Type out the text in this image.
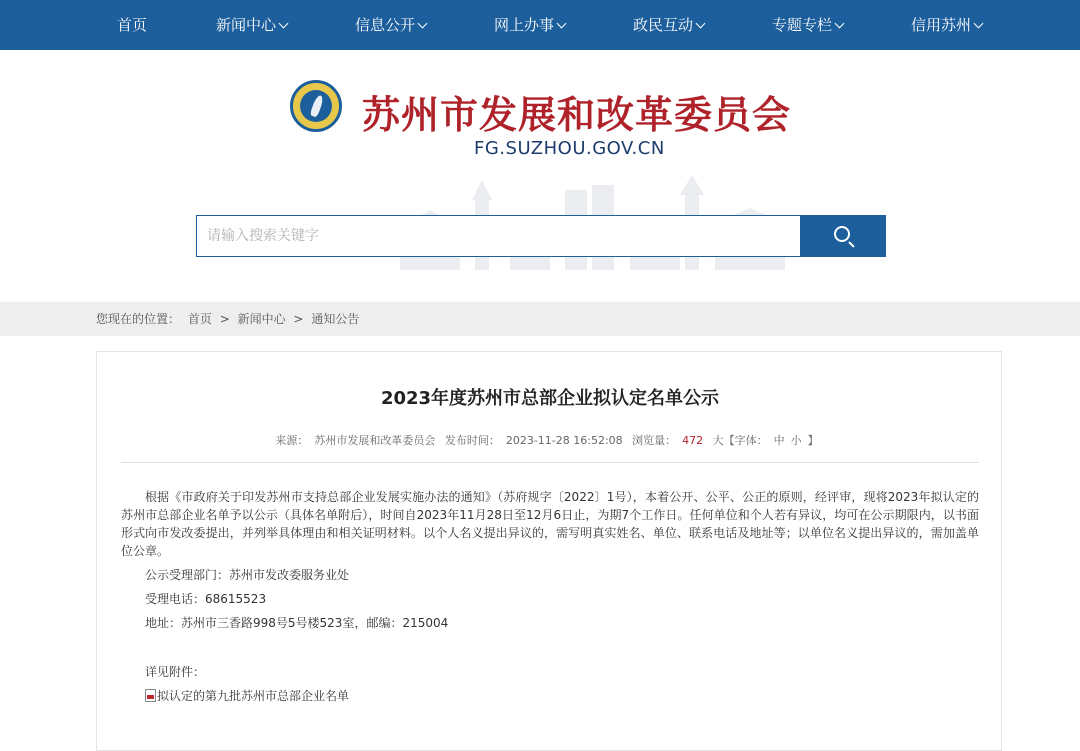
首页	新闻中心	信息公开	网上办事	政民互动	专题专栏	信用苏州
苏州市发展和改革委员会
FG.SUZHOU.GOV.CN
请输入搜索关键字
您现在的位置： 首页 > 新闻中心 > 通知公告
2023年度苏州市总部企业拟认定名单公示
来源： 苏州市发展和改革委员会 发布时间： 2023-11-28 16:52:08 浏览量： 472 大【字体： 中 小 】
根据《市政府关于印发苏州市支持总部企业发展实施办法的通知》（苏府规字〔2022〕1号），本着公开、公平、公正的原则，经评审，现将2023年拟认定的苏州市总部企业名单予以公示（具体名单附后），时间自2023年11月28日至12月6日止，为期7个工作日。任何单位和个人若有异议，均可在公示期限内，以书面形式向市发改委提出，并列举具体理由和相关证明材料。以个人名义提出异议的，需写明真实姓名、单位、联系电话及地址等；以单位名义提出异议的，需加盖单位公章。
公示受理部门：苏州市发改委服务业处
受理电话：68615523
地址：苏州市三香路998号5号楼523室，邮编：215004
详见附件：
拟认定的第九批苏州市总部企业名单
